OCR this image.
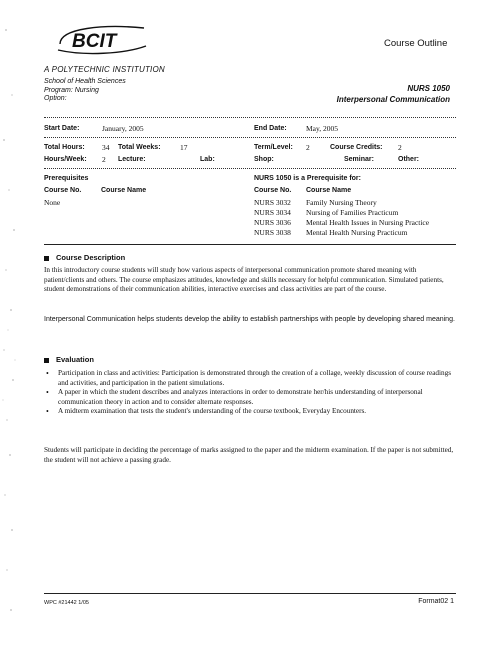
BCIT
A POLYTECHNIC INSTITUTION
Course Outline
School of Health Sciences
Program: Nursing
Option:
NURS 1050
Interpersonal Communication
Start Date:	January, 2005	End Date:	May, 2005
Total Hours: 34 Total Weeks:	17	Term/Level: 2	Course Credits: 2
Hours/Week: 2 Lecture:	Lab:	Shop:	Seminar:	Other:
Prerequisites
Course No.	Course Name
None
NURS 1050 is a Prerequisite for:
Course No. Course Name
NURS 3032	Family Nursing Theory
NURS 3034	Nursing of Families Practicum
NURS 3036	Mental Health Issues in Nursing Practice
NURS 3038	Mental Health Nursing Practicum
Course Description
In this introductory course students will study how various aspects of interpersonal communication promote shared meaning with patient/clients and others. The course emphasizes attitudes, knowledge and skills necessary for helpful communication. Simulated patients, student demonstrations of their communication abilities, interactive exercises and class activities are part of the course.
Interpersonal Communication helps students develop the ability to establish partnerships with people by developing shared meaning.
Evaluation
• Participation in class and activities: Participation is demonstrated through the creation of a collage, weekly discussion of course readings and activities, and participation in the patient simulations.
• A paper in which the student describes and analyzes interactions in order to demonstrate her/his understanding of interpersonal communication theory in action and to consider alternate responses.
• A midterm examination that tests the student's understanding of the course textbook, Everyday Encounters.
Students will participate in deciding the percentage of marks assigned to the paper and the midterm examination. If the paper is not submitted, the student will not achieve a passing grade.
WPC #21442 1/05	Format02 1
